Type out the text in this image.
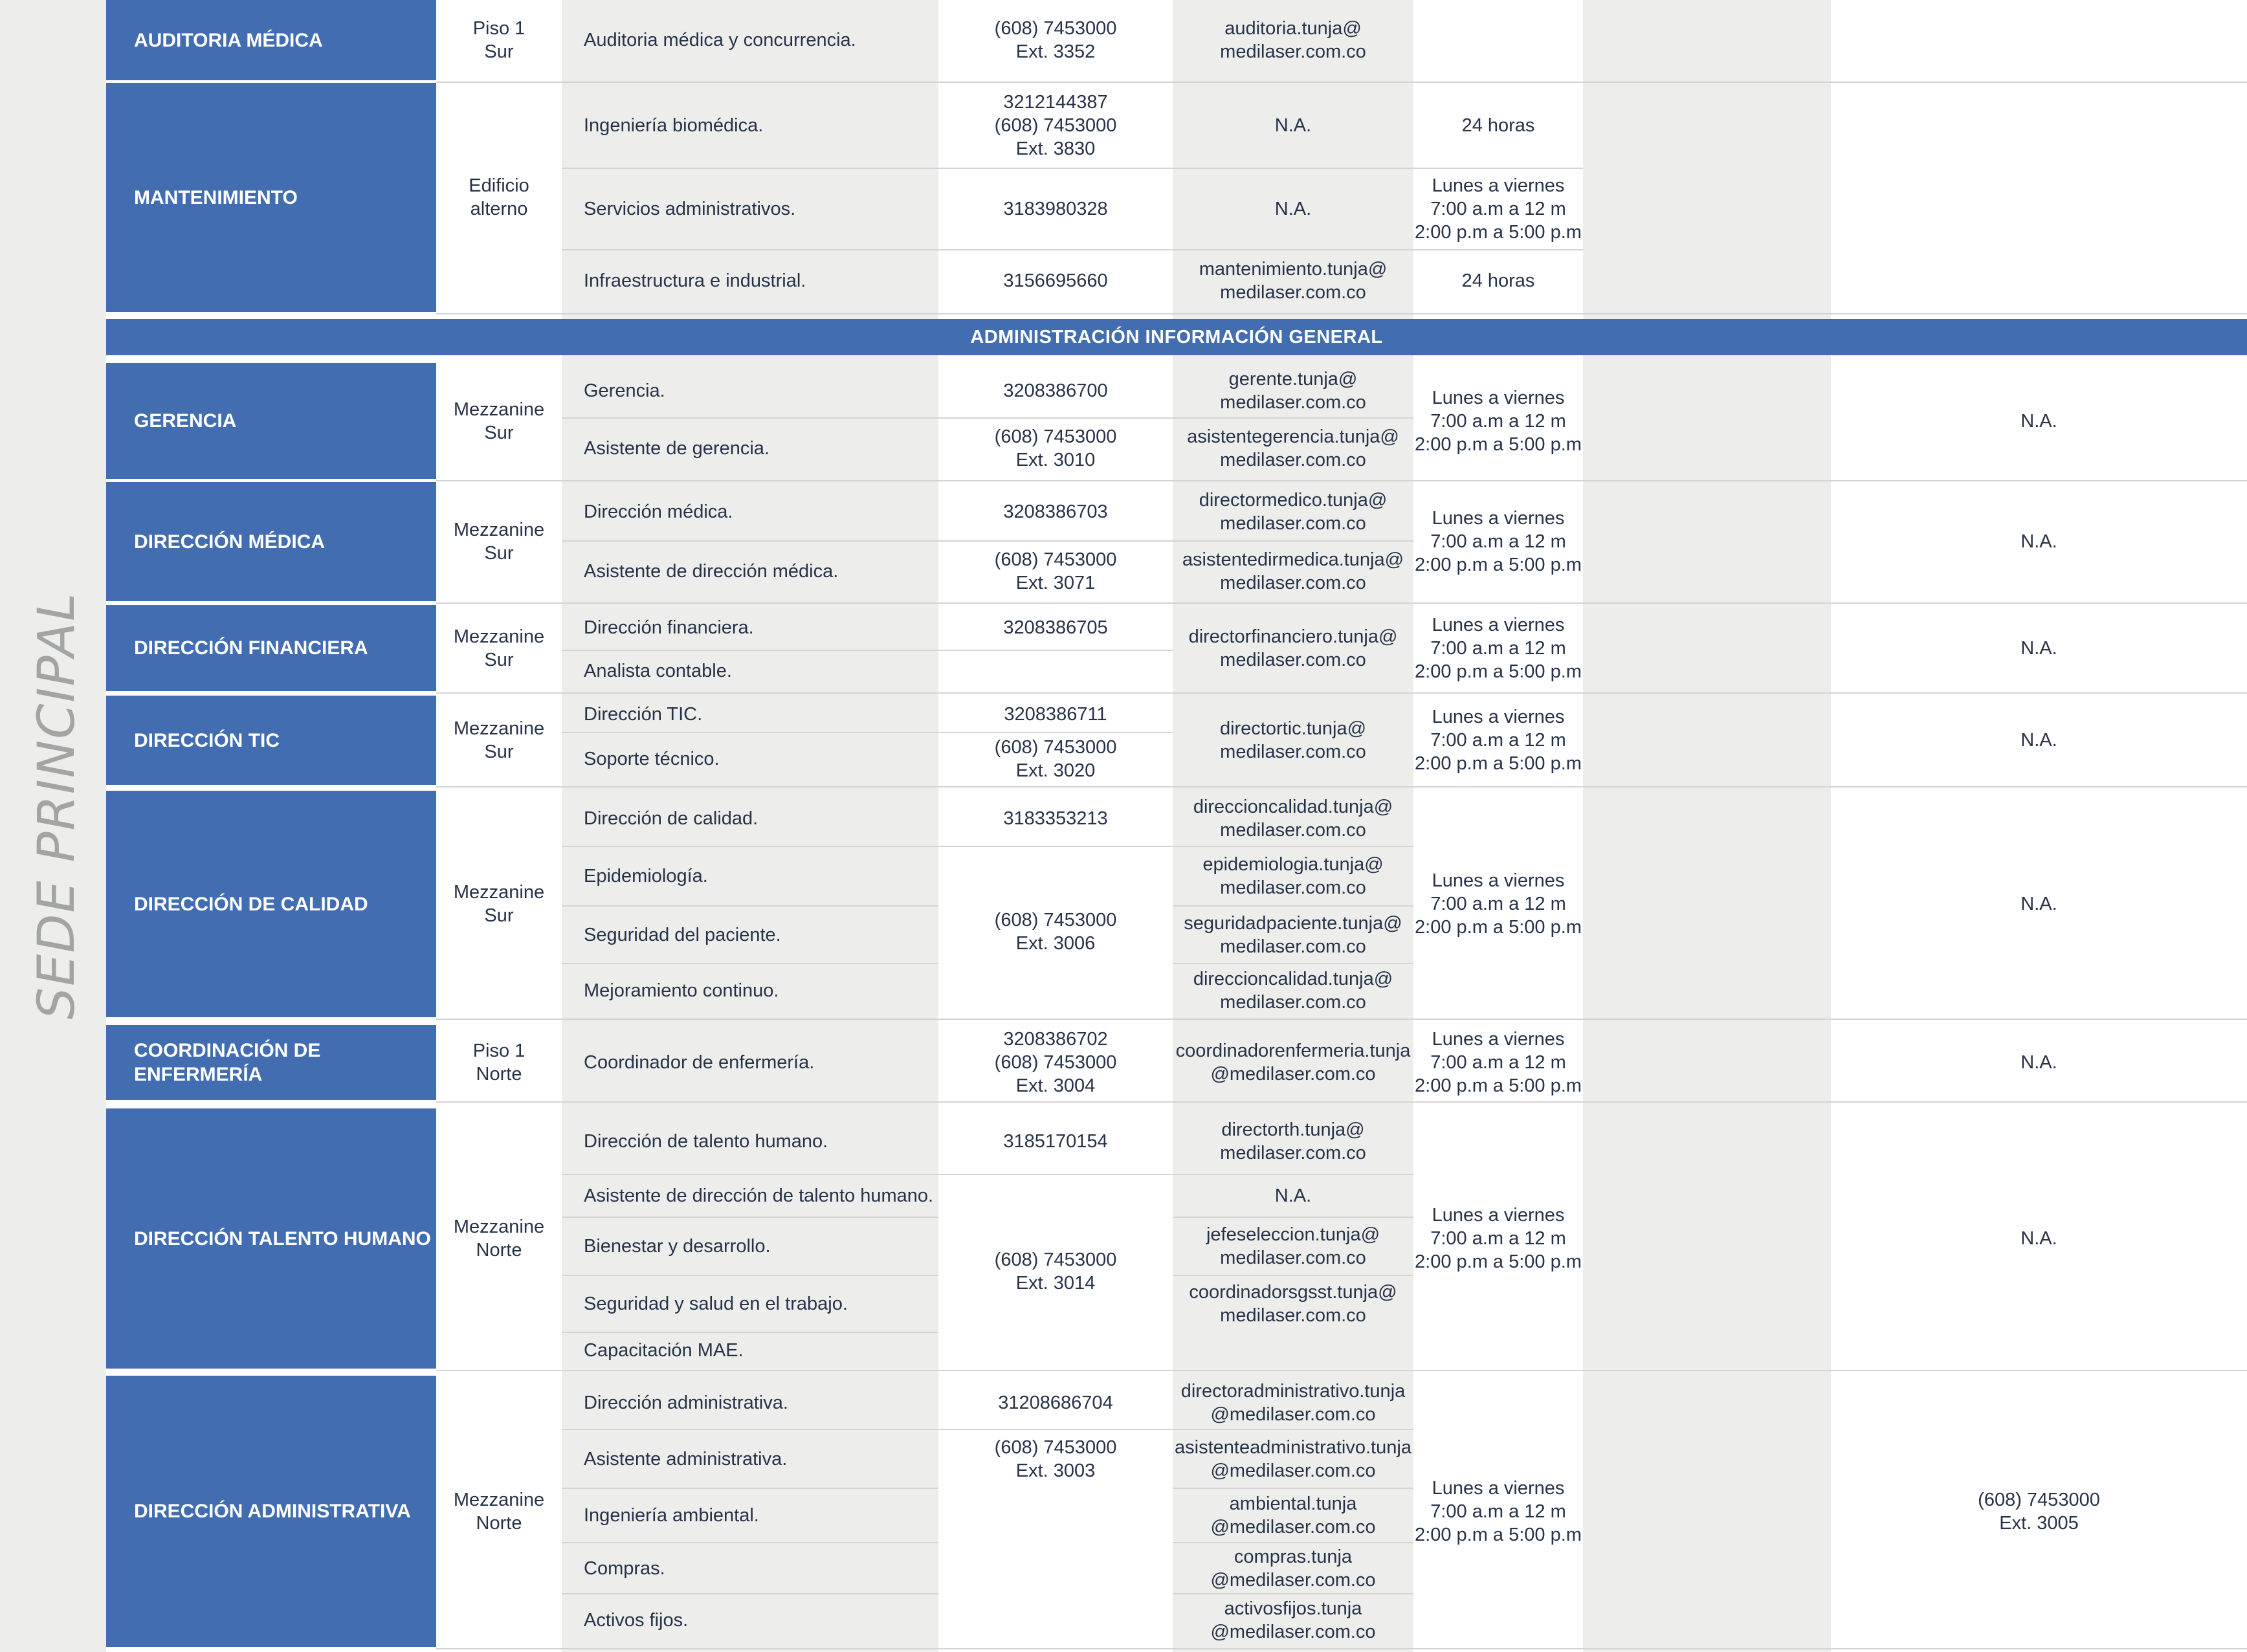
SEDE PRINCIPAL
AUDITORIA MÉDICA
Piso 1
Sur
Auditoria médica y concurrencia.
(608) 7453000
Ext. 3352
auditoria.tunja@
medilaser.com.co
MANTENIMIENTO
Edificio
alterno
Ingeniería biomédica.
Servicios administrativos.
Infraestructura e industrial.
3212144387
(608) 7453000
Ext. 3830
3183980328
3156695660
N.A.
N.A.
mantenimiento.tunja@
medilaser.com.co
24 horas
Lunes a viernes
7:00 a.m a 12 m
2:00 p.m a 5:00 p.m
24 horas
GERENCIA
Mezzanine
Sur
Gerencia.
Asistente de gerencia.
3208386700
(608) 7453000
Ext. 3010
gerente.tunja@
medilaser.com.co
asistentegerencia.tunja@
medilaser.com.co
Lunes a viernes
7:00 a.m a 12 m
2:00 p.m a 5:00 p.m
N.A.
DIRECCIÓN MÉDICA
Mezzanine
Sur
Dirección médica.
Asistente de dirección médica.
3208386703
(608) 7453000
Ext. 3071
directormedico.tunja@
medilaser.com.co
asistentedirmedica.tunja@
medilaser.com.co
Lunes a viernes
7:00 a.m a 12 m
2:00 p.m a 5:00 p.m
N.A.
DIRECCIÓN FINANCIERA
Mezzanine
Sur
Dirección financiera.
Analista contable.
3208386705	directorfinanciero.tunja@
medilaser.com.co
Lunes a viernes
7:00 a.m a 12 m
2:00 p.m a 5:00 p.m
N.A.
DIRECCIÓN TIC
Mezzanine
Sur
Dirección TIC.
Soporte técnico.
3208386711
(608) 7453000
Ext. 3020
directortic.tunja@
medilaser.com.co
Lunes a viernes
7:00 a.m a 12 m
2:00 p.m a 5:00 p.m
N.A.
DIRECCIÓN DE CALIDAD
Mezzanine
Sur
Dirección de calidad.
Epidemiología.
Seguridad del paciente.
Mejoramiento continuo.
3183353213
(608) 7453000
Ext. 3006
direccioncalidad.tunja@
medilaser.com.co
epidemiologia.tunja@
medilaser.com.co
seguridadpaciente.tunja@
medilaser.com.co
direccioncalidad.tunja@
medilaser.com.co
Lunes a viernes
7:00 a.m a 12 m
2:00 p.m a 5:00 p.m
N.A.
COORDINACIÓN DE
ENFERMERÍA
Piso 1
Norte
Coordinador de enfermería.
3208386702
(608) 7453000
Ext. 3004
coordinadorenfermeria.tunja
@medilaser.com.co
Lunes a viernes
7:00 a.m a 12 m
2:00 p.m a 5:00 p.m
N.A.
DIRECCIÓN TALENTO HUMANO
Mezzanine
Norte
Dirección de talento humano.
Asistente de dirección de talento humano.
Bienestar y desarrollo.
Seguridad y salud en el trabajo.
Capacitación MAE.
3185170154
(608) 7453000
Ext. 3014
directorth.tunja@
medilaser.com.co
N.A.
jefeseleccion.tunja@
medilaser.com.co
coordinadorsgsst.tunja@
medilaser.com.co
Lunes a viernes
7:00 a.m a 12 m
2:00 p.m a 5:00 p.m
N.A.
DIRECCIÓN ADMINISTRATIVA
Mezzanine
Norte
Dirección administrativa.
Asistente administrativa.
Ingeniería ambiental.
Compras.
Activos fijos.
31208686704
(608) 7453000
Ext. 3003
directoradministrativo.tunja
@medilaser.com.co
asistenteadministrativo.tunja
@medilaser.com.co
ambiental.tunja
@medilaser.com.co
compras.tunja
@medilaser.com.co
activosfijos.tunja
@medilaser.com.co
Lunes a viernes
7:00 a.m a 12 m
2:00 p.m a 5:00 p.m
(608) 7453000
Ext. 3005
ADMINISTRACIÓN INFORMACIÓN GENERAL
